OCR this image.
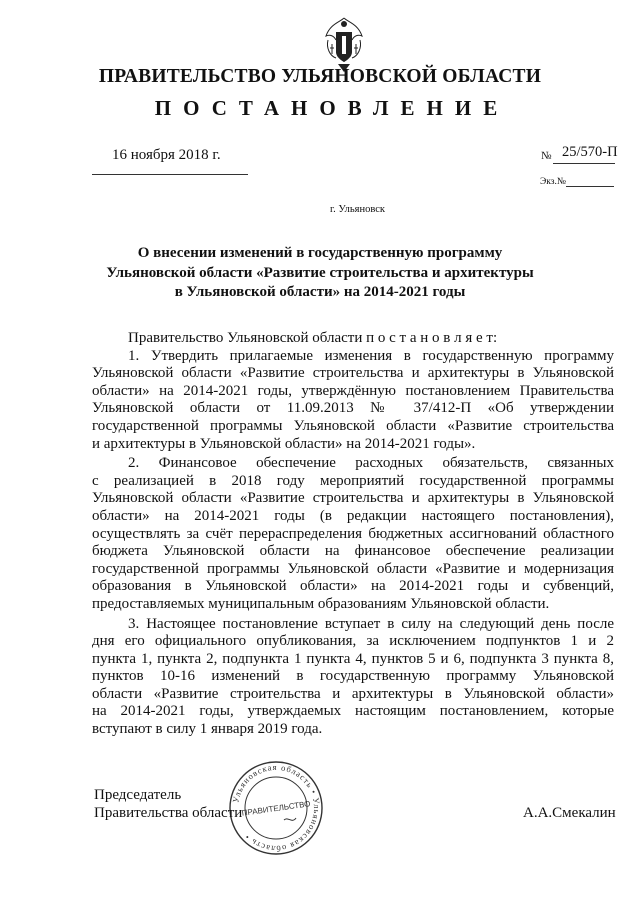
ПРАВИТЕЛЬСТВО УЛЬЯНОВСКОЙ ОБЛАСТИ
ПОСТАНОВЛЕНИЕ
16 ноября 2018 г.	№ 25/570-П
Экз.№
г. Ульяновск
О внесении изменений в государственную программу
Ульяновской области «Развитие строительства и архитектуры
в Ульяновской области» на 2014-2021 годы
Правительство Ульяновской области п о с т а н о в л я е т:
1. Утвердить прилагаемые изменения в государственную программу
Ульяновской области «Развитие строительства и архитектуры в Ульяновской
области» на 2014-2021 годы, утверждённую постановлением Правительства
Ульяновской области от 11.09.2013 № 37/412-П «Об утверждении
государственной программы Ульяновской области «Развитие строительства
и архитектуры в Ульяновской области» на 2014-2021 годы».
2. Финансовое обеспечение расходных обязательств, связанных
с реализацией в 2018 году мероприятий государственной программы
Ульяновской области «Развитие строительства и архитектуры в Ульяновской
области» на 2014-2021 годы (в редакции настоящего постановления),
осуществлять за счёт перераспределения бюджетных ассигнований областного
бюджета Ульяновской области на финансовое обеспечение реализации
государственной программы Ульяновской области «Развитие и модернизация
образования в Ульяновской области» на 2014-2021 годы и субвенций,
предоставляемых муниципальным образованиям Ульяновской области.
3. Настоящее постановление вступает в силу на следующий день после
дня его официального опубликования, за исключением подпунктов 1 и 2
пункта 1, пункта 2, подпункта 1 пункта 4, пунктов 5 и 6, подпункта 3 пункта 8,
пунктов 10-16 изменений в государственную программу Ульяновской
области «Развитие строительства и архитектуры в Ульяновской области»
на 2014-2021 годы, утверждаемых настоящим постановлением, которые
вступают в силу 1 января 2019 года.
Ульяновская область • Ульяновская область •
ПРАВИТЕЛЬСТВО
Председатель
Правительства области	А.А.Смекалин
